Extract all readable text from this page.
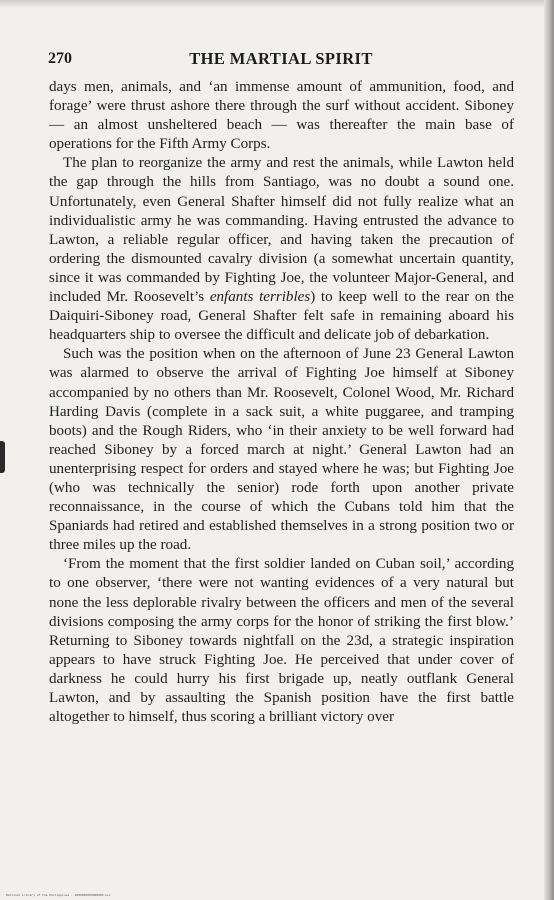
270	THE MARTIAL SPIRIT

days men, animals, and ‘an immense amount of ammunition, food, and forage’ were thrust ashore there through the surf without accident. Siboney — an almost unsheltered beach — was thereafter the main base of operations for the Fifth Army Corps.

The plan to reorganize the army and rest the animals, while Lawton held the gap through the hills from Santiago, was no doubt a sound one. Unfortunately, even General Shafter himself did not fully realize what an individualistic army he was commanding. Having entrusted the advance to Lawton, a reliable regular officer, and having taken the precaution of ordering the dismounted cavalry division (a somewhat uncertain quantity, since it was commanded by Fighting Joe, the volunteer Major-General, and included Mr. Roosevelt’s enfants terribles) to keep well to the rear on the Daiquiri-Siboney road, General Shafter felt safe in remaining aboard his headquarters ship to oversee the difficult and delicate job of debarkation.

Such was the position when on the afternoon of June 23 General Lawton was alarmed to observe the arrival of Fighting Joe himself at Siboney accompanied by no others than Mr. Roosevelt, Colonel Wood, Mr. Richard Harding Davis (complete in a sack suit, a white puggaree, and tramping boots) and the Rough Riders, who ‘in their anxiety to be well forward had reached Siboney by a forced march at night.’ General Lawton had an unenterprising respect for orders and stayed where he was; but Fighting Joe (who was technically the senior) rode forth upon another private reconnaissance, in the course of which the Cubans told him that the Spaniards had retired and established themselves in a strong position two or three miles up the road.

‘From the moment that the first soldier landed on Cuban soil,’ according to one observer, ‘there were not wanting evidences of a very natural but none the less deplorable rivalry between the officers and men of the several divisions composing the army corps for the honor of striking the first blow.’ Returning to Siboney towards nightfall on the 23d, a strategic inspiration appears to have struck Fighting Joe. He perceived that under cover of darkness he could hurry his first brigade up, neatly outflank General Lawton, and by assaulting the Spanish position have the first battle altogether to himself, thus scoring a brilliant victory over

National Library of the Philippines · 0000000000000000 LLC
